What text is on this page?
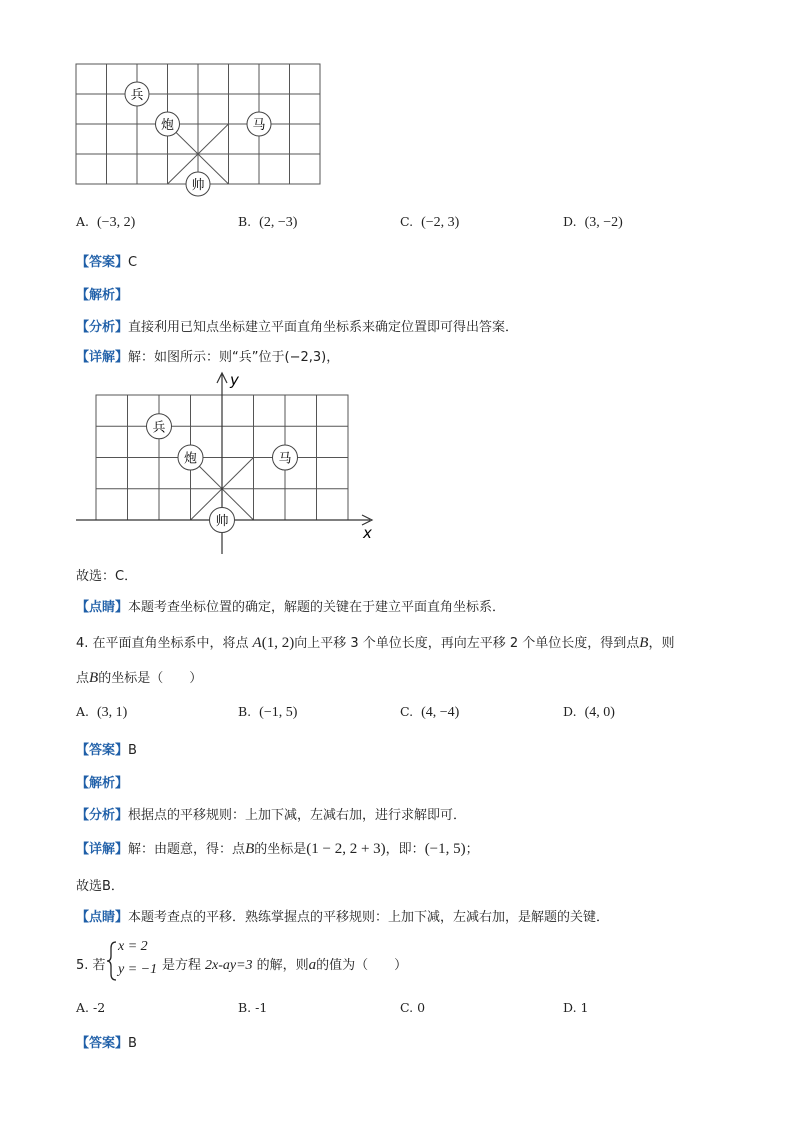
兵
炮	马
帅
A. (−3, 2)	B. (2, −3)	C. (−2, 3)	D. (3, −2)
【答案】C
【解析】
【分析】直接利用已知点坐标建立平面直角坐标系来确定位置即可得出答案．
【详解】解：如图所示：则“兵”位于(−2,3)，
x
y
兵
炮	马
帅
故选：C．
【点睛】本题考查坐标位置的确定，解题的关键在于建立平面直角坐标系．
4. 在平面直角坐标系中，将点 A(1, 2)向上平移 3 个单位长度，再向左平移 2 个单位长度，得到点B，则
点B的坐标是（　　）
A. (3, 1)	B. (−1, 5)	C. (4, −4)	D. (4, 0)
【答案】B
【解析】
【分析】根据点的平移规则：上加下减，左减右加，进行求解即可．
【详解】解：由题意，得：点B的坐标是(1 − 2, 2 + 3)，即：(−1, 5)；
故选B．
【点睛】本题考查点的平移．熟练掌握点的平移规则：上加下减，左减右加，是解题的关键．
5. 若
x = 2
y = −1 是方程 2x-ay=3 的解，则a的值为（　　）
A. -2	B. -1	C. 0	D. 1
【答案】B
